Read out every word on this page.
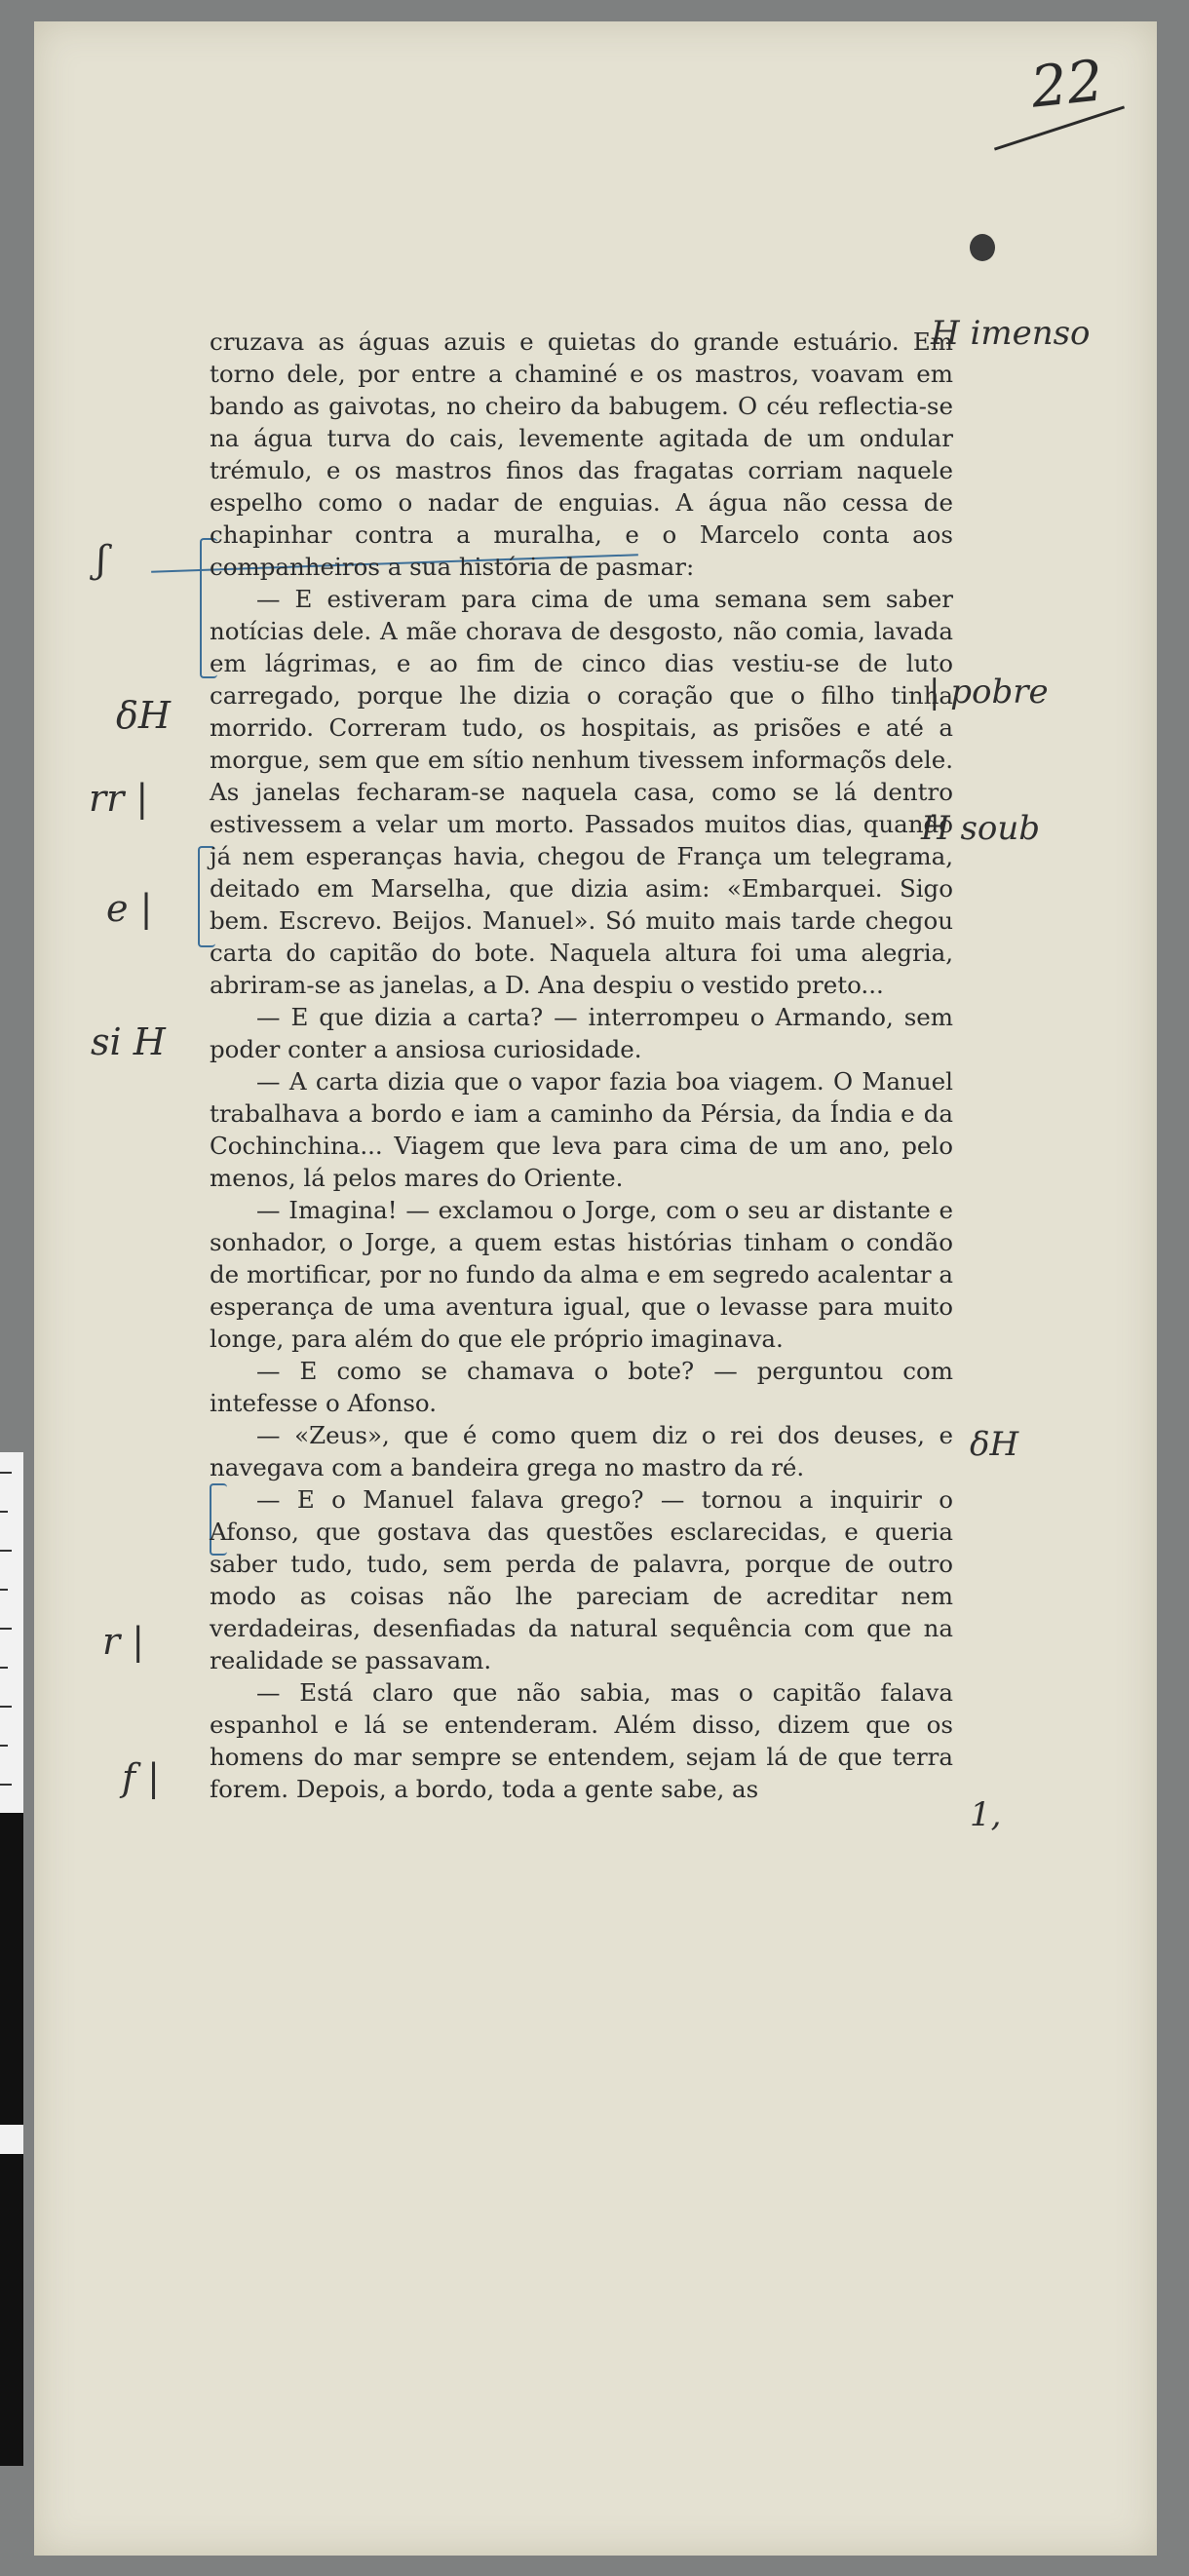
22
H imenso
| pobre
H soub
δH
1,
ʃ
δH
rr |
e |
si H
r |
f |

cruzava as águas azuis e quietas do grande estuário. Em torno dele, por entre a chaminé e os mastros, voavam em bando as gaivotas, no cheiro da babugem. O céu reflectia-se na água turva do cais, levemente agitada de um ondular trémulo, e os mastros finos das fragatas corriam naquele espelho como o nadar de enguias. A água não cessa de chapinhar contra a muralha, e o Marcelo conta aos companheiros a sua história de pasmar:

— E estiveram para cima de uma semana sem saber notícias dele. A mãe chorava de desgosto, não comia, lavada em lágrimas, e ao fim de cinco dias vestiu-se de luto carregado, porque lhe dizia o coração que o filho tinha morrido. Correram tudo, os hospitais, as prisões e até a morgue, sem que em sítio nenhum tivessem informaçõs dele. As janelas fecharam-se naquela casa, como se lá dentro estivessem a velar um morto. Passados muitos dias, quando já nem esperanças havia, chegou de França um telegrama, deitado em Marselha, que dizia asim: «Embarquei. Sigo bem. Escrevo. Beijos. Manuel». Só muito mais tarde chegou carta do capitão do bote. Naquela altura foi uma alegria, abriram-se as janelas, a D. Ana despiu o vestido preto...

— E que dizia a carta? — interrompeu o Armando, sem poder conter a ansiosa curiosidade.

— A carta dizia que o vapor fazia boa viagem. O Manuel trabalhava a bordo e iam a caminho da Pérsia, da Índia e da Cochinchina... Viagem que leva para cima de um ano, pelo menos, lá pelos mares do Oriente.

— Imagina! — exclamou o Jorge, com o seu ar distante e sonhador, o Jorge, a quem estas histórias tinham o condão de mortificar, por no fundo da alma e em segredo acalentar a esperança de uma aventura igual, que o levasse para muito longe, para além do que ele próprio imaginava.

— E como se chamava o bote? — perguntou com intefesse o Afonso.

— «Zeus», que é como quem diz o rei dos deuses, e navegava com a bandeira grega no mastro da ré.

— E o Manuel falava grego? — tornou a inquirir o Afonso, que gostava das questões esclarecidas, e queria saber tudo, tudo, sem perda de palavra, porque de outro modo as coisas não lhe pareciam de acreditar nem verdadeiras, desenfiadas da natural sequência com que na realidade se passavam.

— Está claro que não sabia, mas o capitão falava espanhol e lá se entenderam. Além disso, dizem que os homens do mar sempre se entendem, sejam lá de que terra forem. Depois, a bordo, toda a gente sabe, as
